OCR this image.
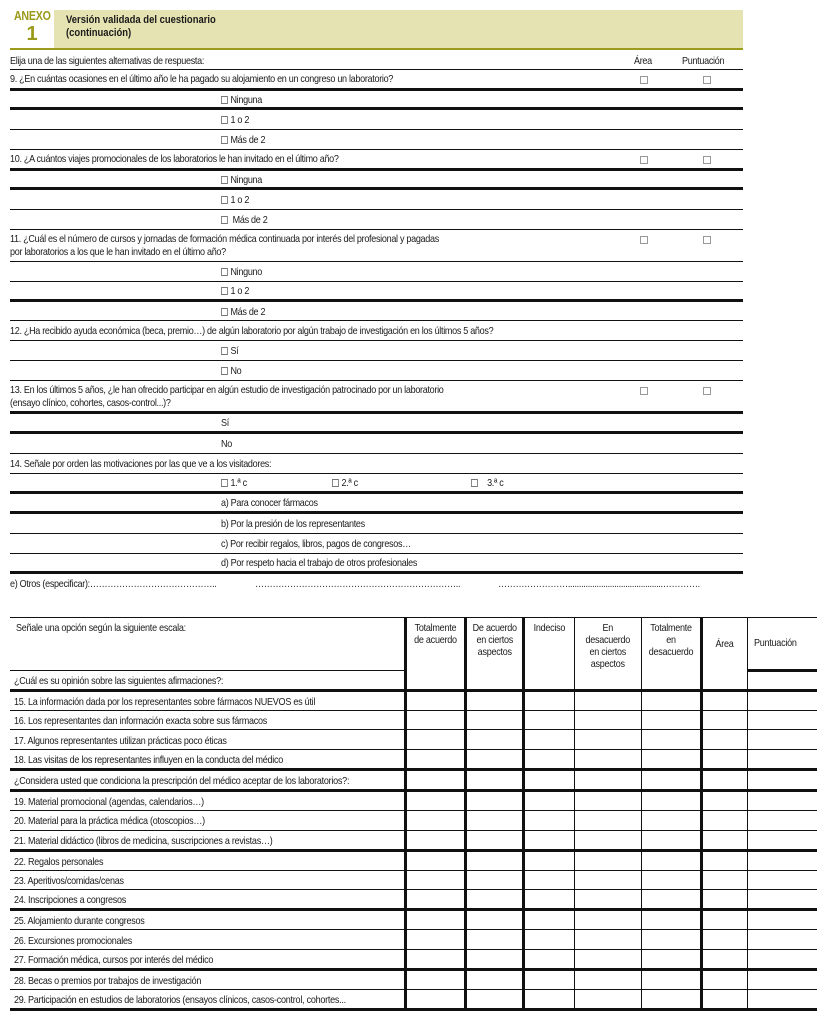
ANEXO
1
Versión validada del cuestionario
(continuación)
Elija una de las siguientes alternativas de respuesta:	Área	Puntuación
9. ¿En cuántas ocasiones en el último año le ha pagado su alojamiento en un congreso un laboratorio?
Ninguna
1 o 2
Más de 2
10. ¿A cuántos viajes promocionales de los laboratorios le han invitado en el último año?
Ninguna
1 o 2
Más de 2
11. ¿Cuál es el número de cursos y jornadas de formación médica continuada por interés del profesional y pagadas
por laboratorios a los que le han invitado en el último año?
Ninguno
1 o 2
Más de 2
12. ¿Ha recibido ayuda económica (beca, premio…) de algún laboratorio por algún trabajo de investigación en los últimos 5 años?
Sí
No
13. En los últimos 5 años, ¿le han ofrecido participar en algún estudio de investigación patrocinado por un laboratorio
(ensayo clínico, cohortes, casos-control...)?
Sí
No
14. Señale por orden las motivaciones por las que ve a los visitadores:
1.ª c	2.ª c	3.ª c
a) Para conocer fármacos
b) Por la presión de los representantes
c) Por recibir regalos, libros, pagos de congresos…
d) Por respeto hacia el trabajo de otros profesionales
e) Otros (especificar):……………………………………..	……………………………………………………………..	……………………...........................................………….
Señale una opción según la siguiente escala:	Totalmente de acuerdo	De acuerdo en ciertos aspectos	Indeciso	En desacuerdo en ciertos aspectos	Totalmente en desacuerdo	Área	Puntuación
¿Cuál es su opinión sobre las siguientes afirmaciones?:							
15. La información dada por los representantes sobre fármacos NUEVOS es útil							
16. Los representantes dan información exacta sobre sus fármacos							
17. Algunos representantes utilizan prácticas poco éticas							
18. Las visitas de los representantes influyen en la conducta del médico							
¿Considera usted que condiciona la prescripción del médico aceptar de los laboratorios?:							
19. Material promocional (agendas, calendarios…)							
20. Material para la práctica médica (otoscopios…)							
21. Material didáctico (libros de medicina, suscripciones a revistas…)							
22. Regalos personales							
23. Aperitivos/comidas/cenas							
24. Inscripciones a congresos							
25. Alojamiento durante congresos							
26. Excursiones promocionales							
27. Formación médica, cursos por interés del médico							
28. Becas o premios por trabajos de investigación							
29. Participación en estudios de laboratorios (ensayos clínicos, casos-control, cohortes...							
